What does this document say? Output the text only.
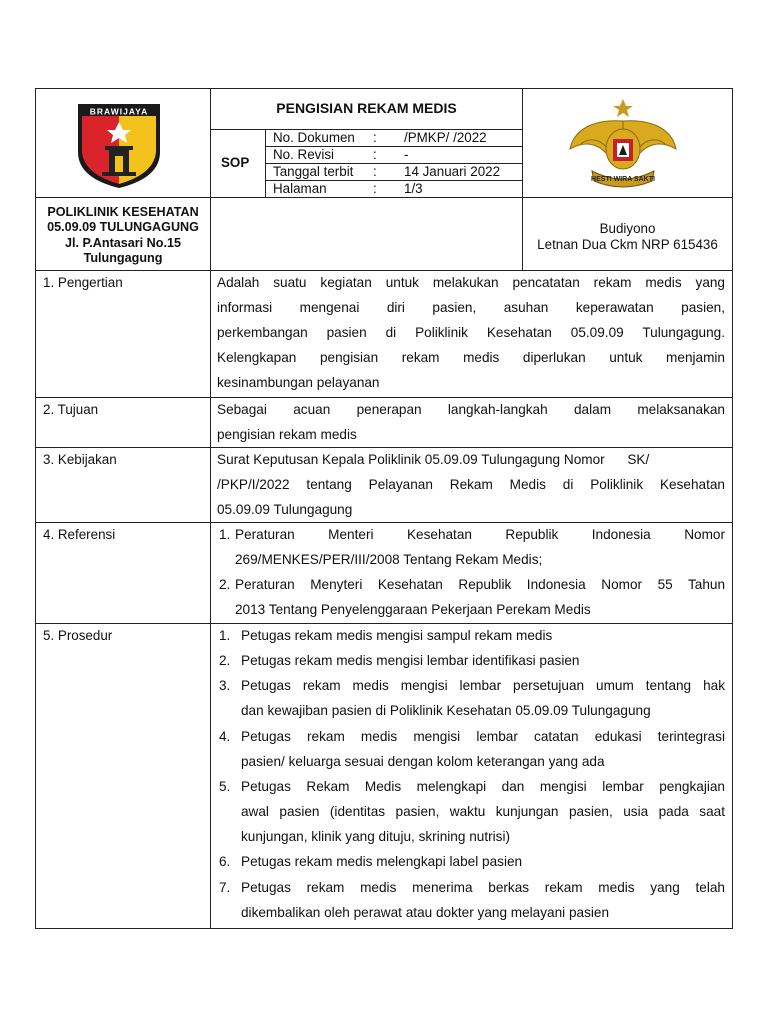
BRAWIJAYA
HESTI WIRA SAKTI
PENGISIAN REKAM MEDIS
SOP
No. Dokumen : /PMKP/ /2022
No. Revisi	: -
Tanggal terbit : 14 Januari 2022
Halaman	: 1/3
POLIKLINIK KESEHATAN
05.09.09 TULUNGAGUNG
Jl. P.Antasari No.15
Tulungagung
Budiyono
Letnan Dua Ckm NRP 615436
1. Pengertian	Adalah suatu kegiatan untuk melakukan pencatatan rekam medis yang
informasi mengenai diri pasien, asuhan keperawatan pasien,
perkembangan pasien di Poliklinik Kesehatan 05.09.09 Tulungagung.
Kelengkapan pengisian rekam medis diperlukan untuk menjamin
kesinambungan pelayanan
2. Tujuan	Sebagai acuan penerapan langkah-langkah dalam melaksanakan
pengisian rekam medis
3. Kebijakan	Surat Keputusan Kepala Poliklinik 05.09.09 Tulungagung Nomor      SK/
/PKP/I/2022 tentang Pelayanan Rekam Medis di Poliklinik Kesehatan
05.09.09 Tulungagung
4. Referensi	1. Peraturan Menteri Kesehatan Republik Indonesia Nomor
269/MENKES/PER/III/2008 Tentang Rekam Medis;
2. Peraturan Menyteri Kesehatan Republik Indonesia Nomor 55 Tahun
2013 Tentang Penyelenggaraan Pekerjaan Perekam Medis
5. Prosedur	1. Petugas rekam medis mengisi sampul rekam medis
2. Petugas rekam medis mengisi lembar identifikasi pasien
3. Petugas rekam medis mengisi lembar persetujuan umum tentang hak
dan kewajiban pasien di Poliklinik Kesehatan 05.09.09 Tulungagung
4. Petugas rekam medis mengisi lembar catatan edukasi terintegrasi
pasien/ keluarga sesuai dengan kolom keterangan yang ada
5. Petugas Rekam Medis melengkapi dan mengisi lembar pengkajian
awal pasien (identitas pasien, waktu kunjungan pasien, usia pada saat
kunjungan, klinik yang dituju, skrining nutrisi)
6. Petugas rekam medis melengkapi label pasien
7. Petugas rekam medis menerima berkas rekam medis yang telah
dikembalikan oleh perawat atau dokter yang melayani pasien
